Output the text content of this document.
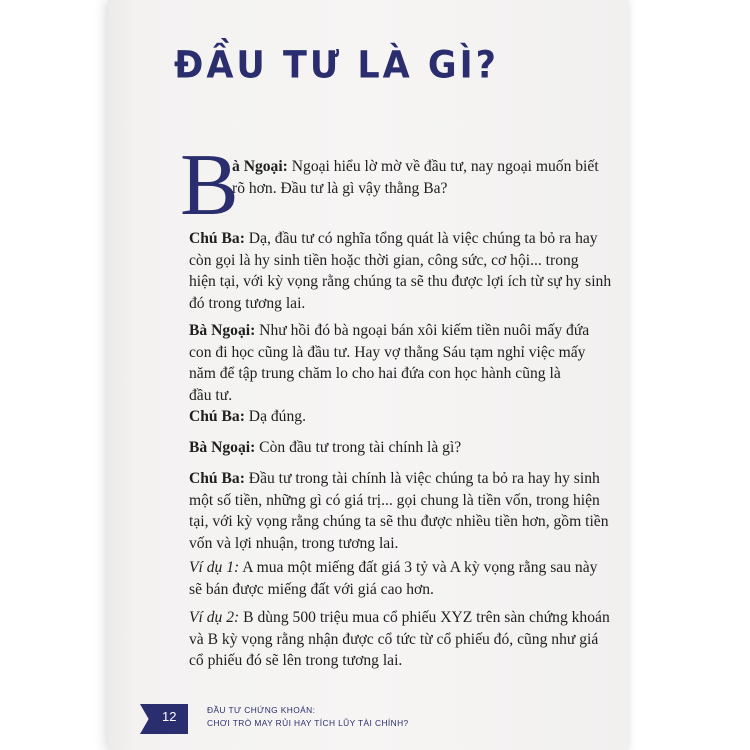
ĐẦU TƯ LÀ GÌ?
B
à Ngoại: Ngoại hiểu lờ mờ về đầu tư, nay ngoại muốn biết
rõ hơn. Đầu tư là gì vậy thằng Ba?
Chú Ba: Dạ, đầu tư có nghĩa tổng quát là việc chúng ta bỏ ra hay
còn gọi là hy sinh tiền hoặc thời gian, công sức, cơ hội... trong
hiện tại, với kỳ vọng rằng chúng ta sẽ thu được lợi ích từ sự hy sinh
đó trong tương lai.
Bà Ngoại: Như hồi đó bà ngoại bán xôi kiếm tiền nuôi mấy đứa
con đi học cũng là đầu tư. Hay vợ thằng Sáu tạm nghỉ việc mấy
năm để tập trung chăm lo cho hai đứa con học hành cũng là
đầu tư.
Chú Ba: Dạ đúng.
Bà Ngoại: Còn đầu tư trong tài chính là gì?
Chú Ba: Đầu tư trong tài chính là việc chúng ta bỏ ra hay hy sinh
một số tiền, những gì có giá trị... gọi chung là tiền vốn, trong hiện
tại, với kỳ vọng rằng chúng ta sẽ thu được nhiều tiền hơn, gồm tiền
vốn và lợi nhuận, trong tương lai.
Ví dụ 1: A mua một miếng đất giá 3 tỷ và A kỳ vọng rằng sau này
sẽ bán được miếng đất với giá cao hơn.
Ví dụ 2: B dùng 500 triệu mua cổ phiếu XYZ trên sàn chứng khoán
và B kỳ vọng rằng nhận được cổ tức từ cổ phiếu đó, cũng như giá
cổ phiếu đó sẽ lên trong tương lai.
12	ĐẦU TƯ CHỨNG KHOÁN:
CHƠI TRÒ MAY RỦI HAY TÍCH LŨY TÀI CHÍNH?
